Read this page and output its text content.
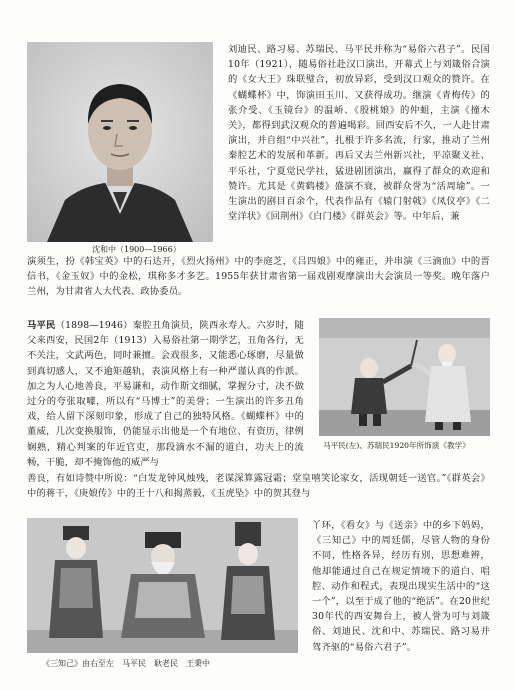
沈和中（1900—1966）

刘迪民、路习易、苏瑞民、马平民并称为“易俗六君子”。民国10年（1921），随易俗社赴汉口演出，开幕式上与刘箴俗合演的《女大王》珠联璧合，初放异彩，受到汉口观众的赞许。在《蝴蝶杯》中，饰演田玉川、又获得成功。继演《青梅传》的张介受、《玉镜台》的温峤、《殷桃娘》的仲蛆，主演《撞木关》，都得到武汉观众的普遍喝彩。回西安后不久，一人赴甘肃演出，并自组“中兴社”，扎根于许多名流，行家，推动了兰州秦腔艺术的发展和革新。再后又去兰州新兴社，平凉聚义社、平乐社，宁夏觉民学社，猛进剧团演出，赢得了群众的欢迎和赞许。尤其是《黄鹤楼》盛演不衰，被群众誉为“活周瑜”。一生演出的剧目百余个，代表作品有《辕门射戟》《凤仪亭》《二堂洋状》《回荆州》《白门楼》《群英会》等。中年后，兼

演须生，扮《韩宝英》中的石达开，《烈火扬州》中的李庭芝，《吕四娘》中的雍正，并串演《三滴血》中的晋信书，《金玉奴》中的金松，琪称多才多艺。1955年获甘肃省第一届戏剧观摩演出大会演员一等奖。晚年落户兰州，为甘肃省人大代表、政协委员。

马平民（1898—1946）秦腔丑角演员，陕西永寿人。六岁时，随父来西安，民国2年（1913）入易俗社第一期学艺，丑角各行，无不关注，文武两色，同时兼擅。会戏很多，又能悉心琢磨，尽量做到真切感人，又不逾矩越轨，表演风格上有一种严谨认真的作派。加之为人心地善良，平易谦和，动作斯文细腻，掌握分寸，决不做过分的夸张取噱，所以有“马博士”的美誉；一生演出的许多丑角戏，给人留下深刻印象，形成了自己的独特风格。《蝴蝶杯》中的董威，几次变换服饰，仍能显示出他是一个有地位、有资历，律例娴熟，精心判案的年近官吏，那段滴水不漏的道白，功夫上的流畅，干脆，却不掩饰他的威严与

马平民(左)、苏瑞民1920年所饰演《教学》

善良，有如诗赞中所说：“白发龙钟风烛残，老谋深算露冠霜；堂皇嘻笑论家女，活现朝廷一送官。”《群英会》中的蒋干，《庚娘传》中的王十八和揭蒸毅，《玉虎坠》中的贺其登与

《三知己》由右至左　马平民　耿老民　王秉中

丫环，《看女》与《送亲》中的乡下妈妈，《三知己》中的周廷儒，尽管人物的身份不同，性格各异，经历有别，思想难辨，他却能通过自己在规定情境下的道白、唱腔、动作和程式，表现出现实生活中的“这一个”，以至于成了他的“绝活”。在20世纪30年代的西安舞台上，被人誉为可与刘箴俗、刘迪民、沈和中、苏瑞民、路习易并驾齐驱的“易俗六君子”。
